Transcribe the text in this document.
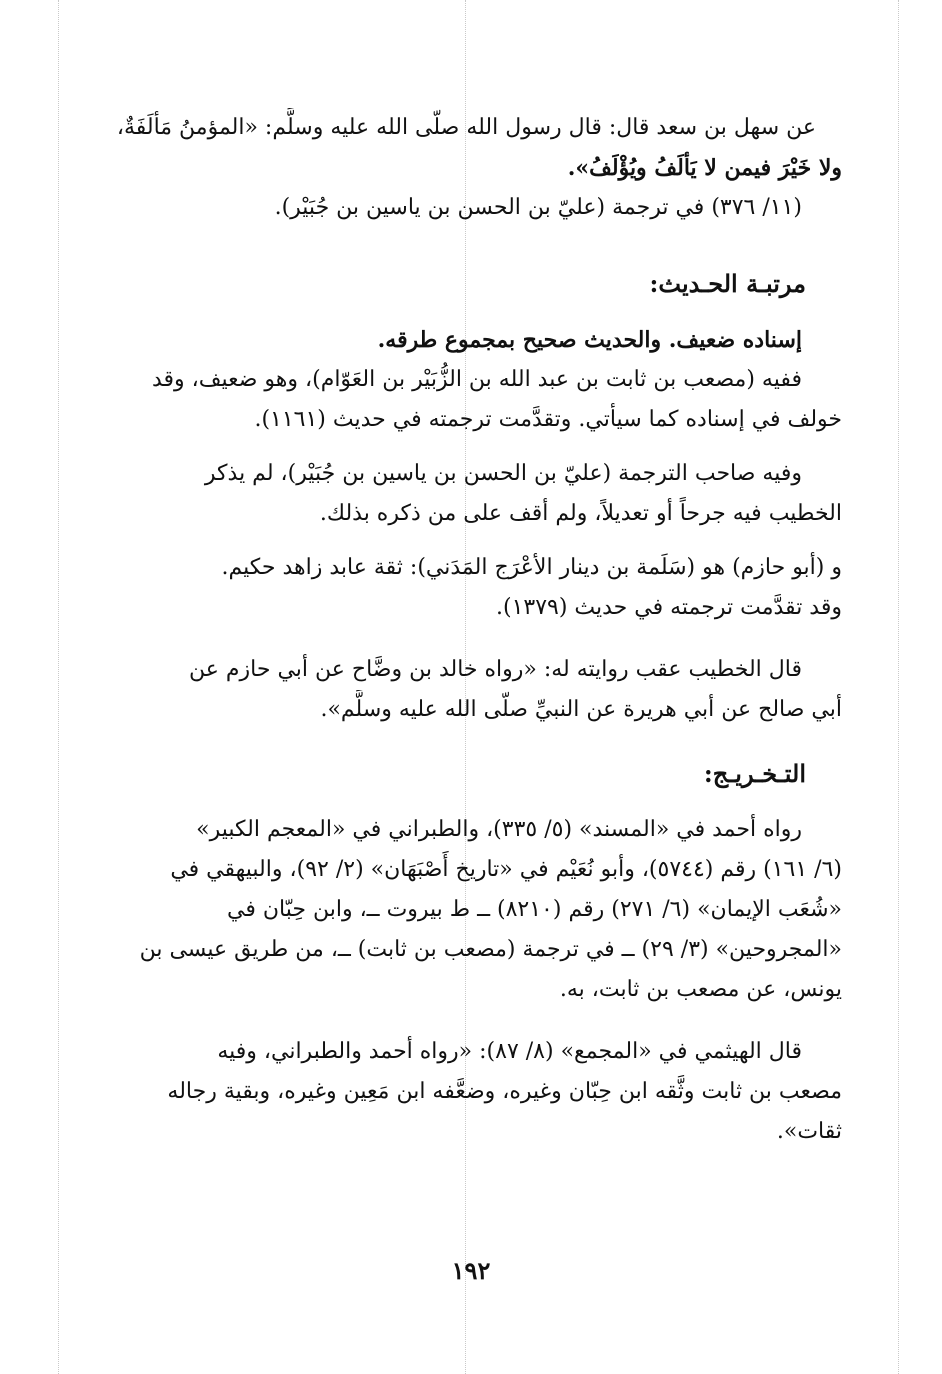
عن سهل بن سعد قال: قال رسول الله صلّى الله عليه وسلَّم: «المؤمنُ مَألَفَةٌ،
ولا خَيْرَ فيمن لا يَألَفُ ويُؤْلَفُ».
(١١/ ٣٧٦) في ترجمة (عليّ بن الحسن بن ياسين بن جُبَيْر).
مرتبـة الحـديث:
إسناده ضعيف. والحديث صحيح بمجموع طرقه.
ففيه (مصعب بن ثابت بن عبد الله بن الزُّبَيْر بن العَوّام)، وهو ضعيف، وقد
خولف في إسناده كما سيأتي. وتقدَّمت ترجمته في حديث (١١٦١).
وفيه صاحب الترجمة (عليّ بن الحسن بن ياسين بن جُبَيْر)، لم يذكر
الخطيب فيه جرحاً أو تعديلاً، ولم أقف على من ذكره بذلك.
و (أبو حازم) هو (سَلَمة بن دينار الأعْرَج المَدَني): ثقة عابد زاهد حكيم.
وقد تقدَّمت ترجمته في حديث (١٣٧٩).
قال الخطيب عقب روايته له: «رواه خالد بن وضَّاح عن أبي حازم عن
أبي صالح عن أبي هريرة عن النبيِّ صلّى الله عليه وسلَّم».
التـخـريـج:
رواه أحمد في «المسند» (٥/ ٣٣٥)، والطبراني في «المعجم الكبير»
(٦/ ١٦١) رقم (٥٧٤٤)، وأبو نُعَيْم في «تاريخ أَصْبَهَان» (٢/ ٩٢)، والبيهقي في
«شُعَب الإيمان» (٦/ ٢٧١) رقم (٨٢١٠) ــ ط بيروت ــ، وابن حِبّان في
«المجروحين» (٣/ ٢٩) ــ في ترجمة (مصعب بن ثابت) ــ، من طريق عيسى بن
يونس، عن مصعب بن ثابت، به.
قال الهيثمي في «المجمع» (٨/ ٨٧): «رواه أحمد والطبراني، وفيه
مصعب بن ثابت وثَّقه ابن حِبّان وغيره، وضعَّفه ابن مَعِين وغيره، وبقية رجاله
ثقات».
١٩٢
